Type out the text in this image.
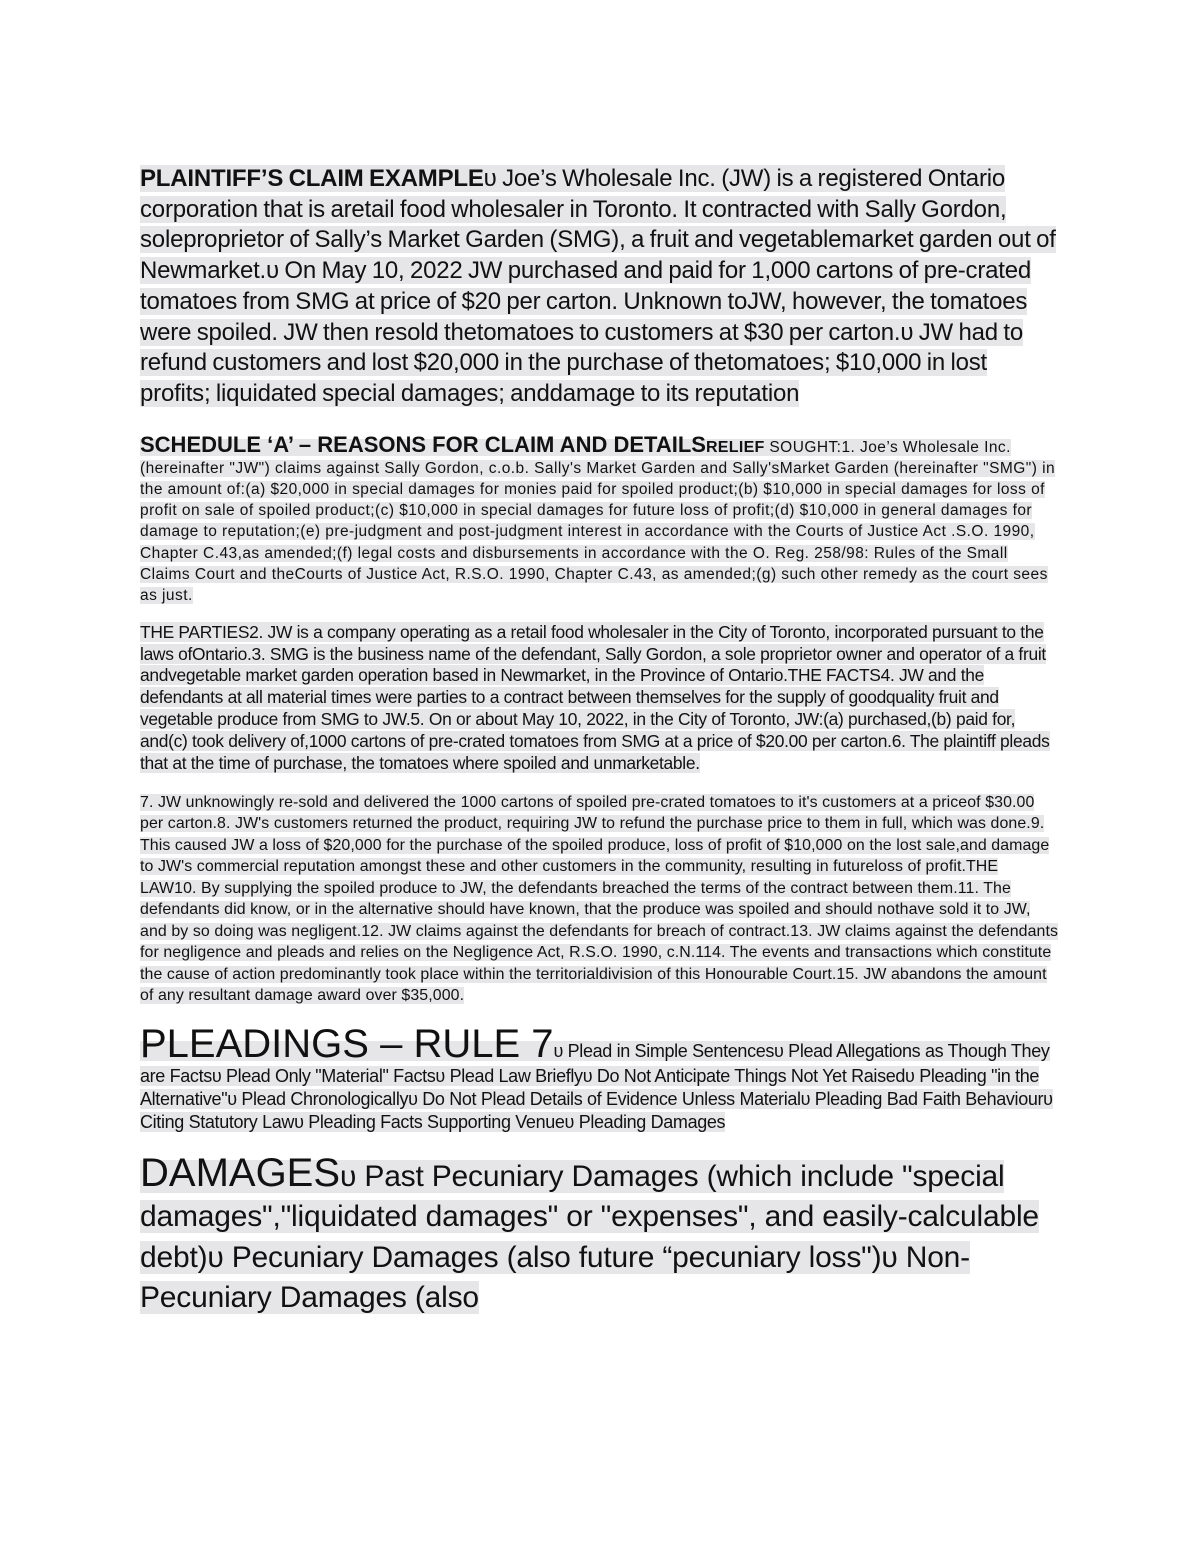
PLAINTIFF’S CLAIM EXAMPLEυ Joe’s Wholesale Inc. (JW) is a registered Ontario corporation that is aretail food wholesaler in Toronto. It contracted with Sally Gordon, soleproprietor of Sally’s Market Garden (SMG), a fruit and vegetablemarket garden out of Newmarket.υ On May 10, 2022 JW purchased and paid for 1,000 cartons of pre-crated tomatoes from SMG at price of $20 per carton. Unknown toJW, however, the tomatoes were spoiled. JW then resold thetomatoes to customers at $30 per carton.υ JW had to refund customers and lost $20,000 in the purchase of thetomatoes; $10,000 in lost profits; liquidated special damages; anddamage to its reputation

SCHEDULE ‘A’ – REASONS FOR CLAIM AND DETAILSRELIEF SOUGHT:1. Joe’s Wholesale Inc. (hereinafter "JW") claims against Sally Gordon, c.o.b. Sally's Market Garden and Sally'sMarket Garden (hereinafter "SMG") in the amount of:(a) $20,000 in special damages for monies paid for spoiled product;(b) $10,000 in special damages for loss of profit on sale of spoiled product;(c) $10,000 in special damages for future loss of profit;(d) $10,000 in general damages for damage to reputation;(e) pre-judgment and post-judgment interest in accordance with the Courts of Justice Act .S.O. 1990, Chapter C.43,as amended;(f) legal costs and disbursements in accordance with the O. Reg. 258/98: Rules of the Small Claims Court and theCourts of Justice Act, R.S.O. 1990, Chapter C.43, as amended;(g) such other remedy as the court sees as just.

THE PARTIES2. JW is a company operating as a retail food wholesaler in the City of Toronto, incorporated pursuant to the laws ofOntario.3. SMG is the business name of the defendant, Sally Gordon, a sole proprietor owner and operator of a fruit andvegetable market garden operation based in Newmarket, in the Province of Ontario.THE FACTS4. JW and the defendants at all material times were parties to a contract between themselves for the supply of goodquality fruit and vegetable produce from SMG to JW.5. On or about May 10, 2022, in the City of Toronto, JW:(a) purchased,(b) paid for, and(c) took delivery of,1000 cartons of pre-crated tomatoes from SMG at a price of $20.00 per carton.6. The plaintiff pleads that at the time of purchase, the tomatoes where spoiled and unmarketable.

7. JW unknowingly re-sold and delivered the 1000 cartons of spoiled pre-crated tomatoes to it's customers at a priceof $30.00 per carton.8. JW's customers returned the product, requiring JW to refund the purchase price to them in full, which was done.9. This caused JW a loss of $20,000 for the purchase of the spoiled produce, loss of profit of $10,000 on the lost sale,and damage to JW's commercial reputation amongst these and other customers in the community, resulting in futureloss of profit.THE LAW10. By supplying the spoiled produce to JW, the defendants breached the terms of the contract between them.11. The defendants did know, or in the alternative should have known, that the produce was spoiled and should nothave sold it to JW, and by so doing was negligent.12. JW claims against the defendants for breach of contract.13. JW claims against the defendants for negligence and pleads and relies on the Negligence Act, R.S.O. 1990, c.N.114. The events and transactions which constitute the cause of action predominantly took place within the territorialdivision of this Honourable Court.15. JW abandons the amount of any resultant damage award over $35,000.

PLEADINGS – RULE 7υ Plead in Simple Sentencesυ Plead Allegations as Though They are Factsυ Plead Only "Material" Factsυ Plead Law Brieflyυ Do Not Anticipate Things Not Yet Raisedυ Pleading "in the Alternative"υ Plead Chronologicallyυ Do Not Plead Details of Evidence Unless Materialυ Pleading Bad Faith Behaviourυ Citing Statutory Lawυ Pleading Facts Supporting Venueυ Pleading Damages

DAMAGESυ Past Pecuniary Damages (which include "special damages","liquidated damages" or "expenses", and easily-calculable debt)υ Pecuniary Damages (also future “pecuniary loss")υ Non-Pecuniary Damages (also
